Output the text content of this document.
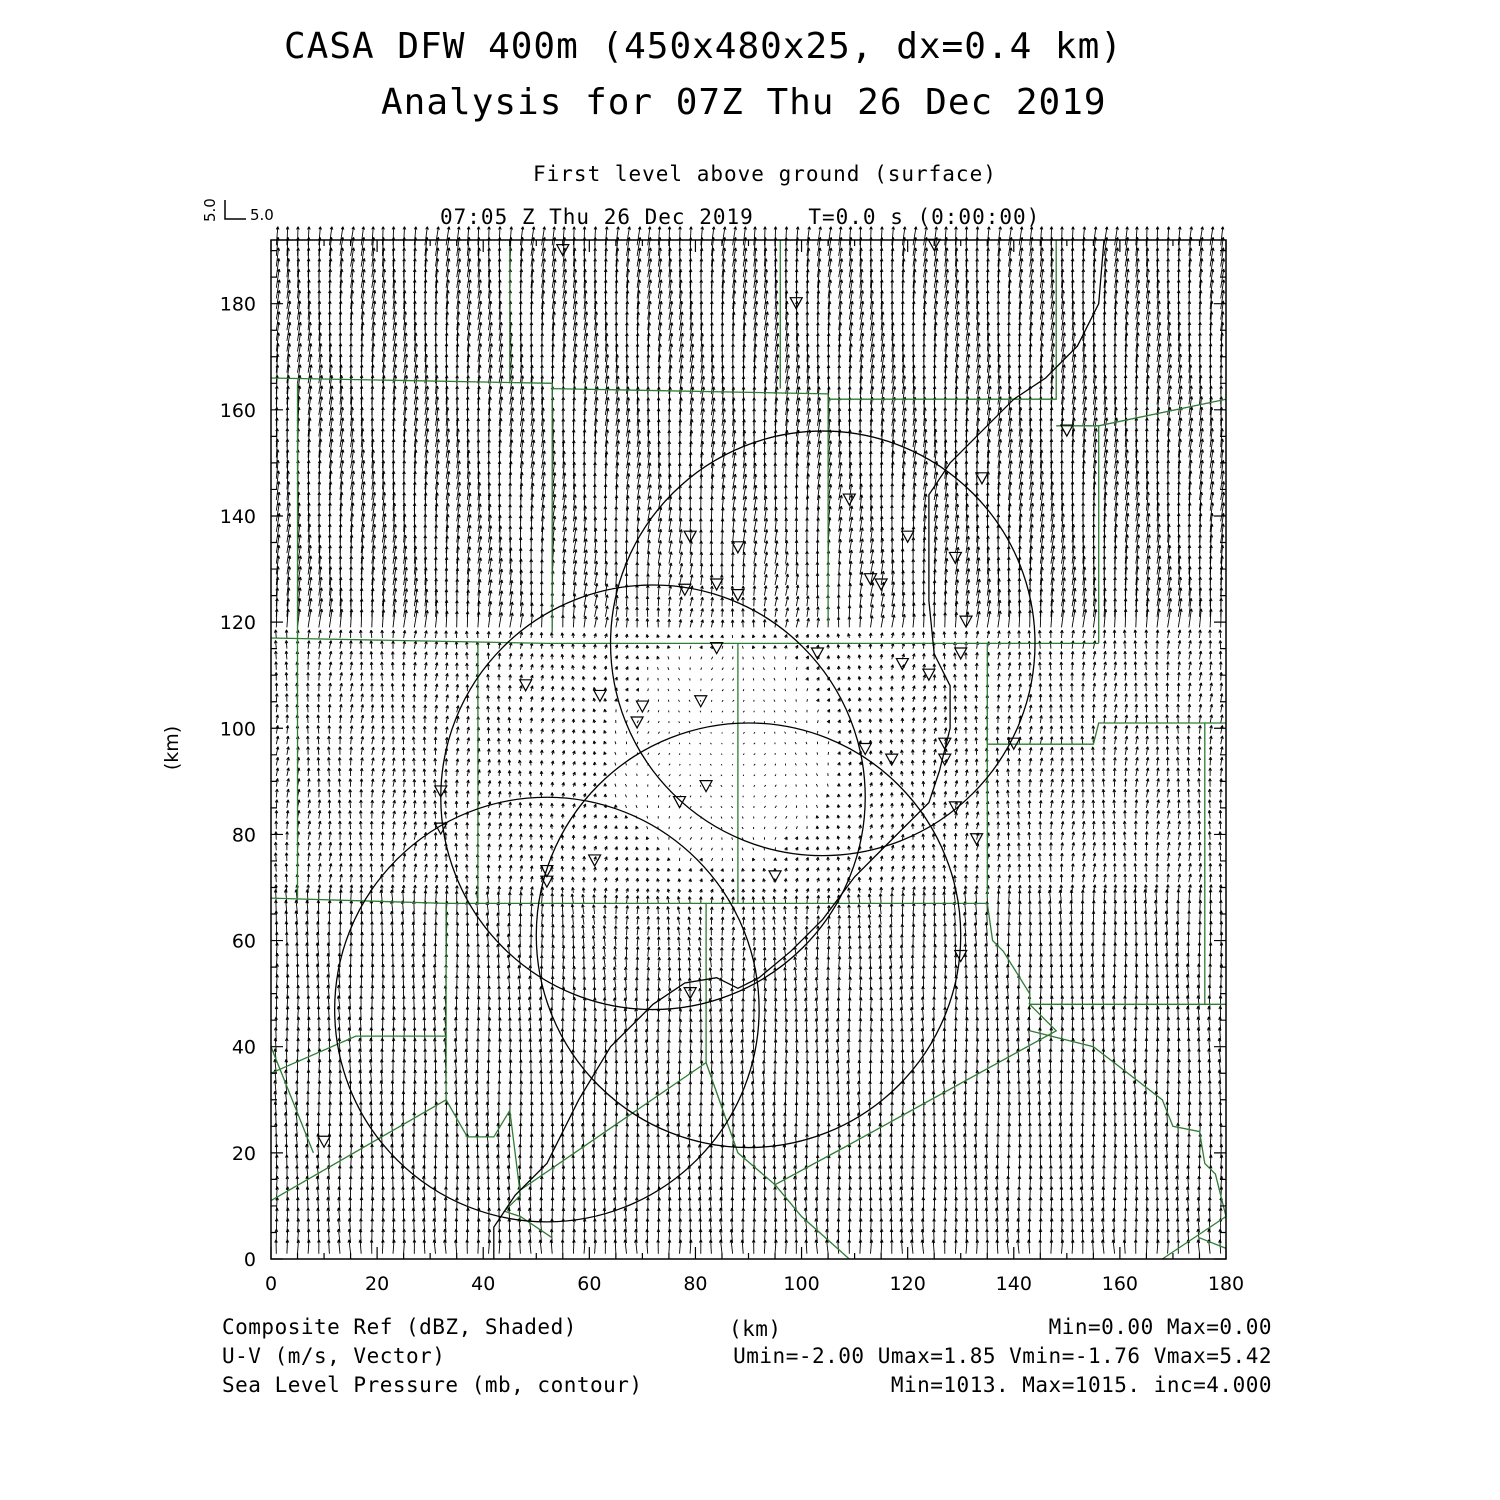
CASA DFW 400m (450x480x25, dx=0.4 km)
Analysis for 07Z Thu 26 Dec 2019
First level above ground (surface)
07:05 Z Thu 26 Dec 2019    T=0.0 s (0:00:00)
0	20	40	60	80	100	120	140	160	180
0
20
40
60
80
100
120
140
160
180
5.0
5.0
(km)
(km)
Composite Ref (dBZ, Shaded)
U-V (m/s, Vector)
Sea Level Pressure (mb, contour)
Min=0.00 Max=0.00
Umin=-2.00 Umax=1.85 Vmin=-1.76 Vmax=5.42
Min=1013. Max=1015. inc=4.000
